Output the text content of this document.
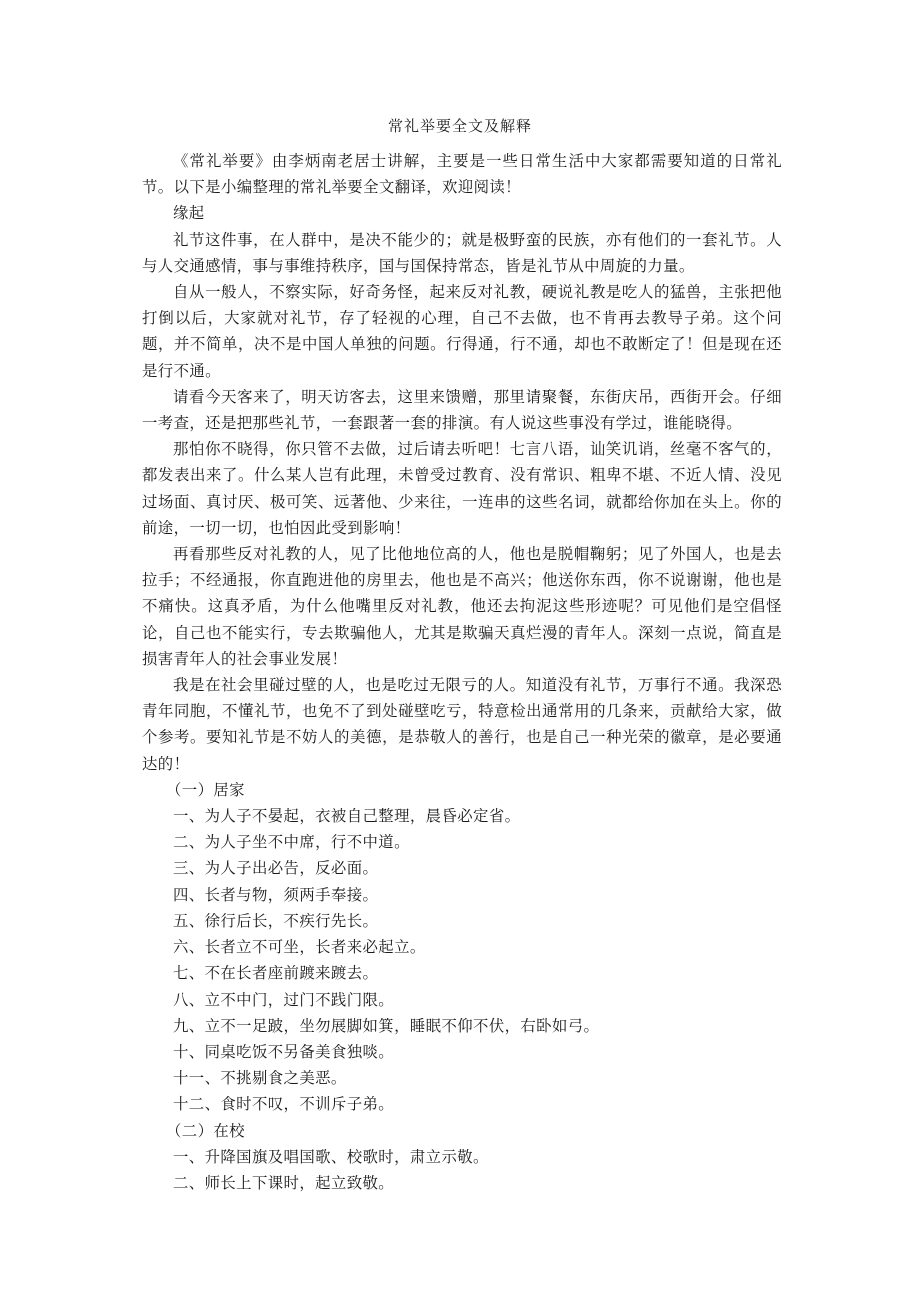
常礼举要全文及解释

《常礼举要》由李炳南老居士讲解，主要是一些日常生活中大家都需要知道的日常礼节。以下是小编整理的常礼举要全文翻译，欢迎阅读！

缘起

礼节这件事，在人群中，是决不能少的；就是极野蛮的民族，亦有他们的一套礼节。人与人交通感情，事与事维持秩序，国与国保持常态，皆是礼节从中周旋的力量。

自从一般人，不察实际，好奇务怪，起来反对礼教，硬说礼教是吃人的猛兽，主张把他打倒以后，大家就对礼节，存了轻视的心理，自己不去做，也不肯再去教导子弟。这个问题，并不简单，决不是中国人单独的问题。行得通，行不通，却也不敢断定了！但是现在还是行不通。

请看今天客来了，明天访客去，这里来馈赠，那里请聚餐，东街庆吊，西街开会。仔细一考查，还是把那些礼节，一套跟著一套的排演。有人说这些事没有学过，谁能晓得。

那怕你不晓得，你只管不去做，过后请去听吧！七言八语，讪笑讥诮，丝毫不客气的，都发表出来了。什么某人岂有此理，未曾受过教育、没有常识、粗卑不堪、不近人情、没见过场面、真讨厌、极可笑、远著他、少来往，一连串的这些名词，就都给你加在头上。你的前途，一切一切，也怕因此受到影响！

再看那些反对礼教的人，见了比他地位高的人，他也是脱帽鞠躬；见了外国人，也是去拉手；不经通报，你直跑进他的房里去，他也是不高兴；他送你东西，你不说谢谢，他也是不痛快。这真矛盾，为什么他嘴里反对礼教，他还去拘泥这些形迹呢？可见他们是空倡怪论，自己也不能实行，专去欺骗他人，尤其是欺骗天真烂漫的青年人。深刻一点说，简直是损害青年人的社会事业发展！

我是在社会里碰过壁的人，也是吃过无限亏的人。知道没有礼节，万事行不通。我深恐青年同胞，不懂礼节，也免不了到处碰壁吃亏，特意检出通常用的几条来，贡献给大家，做个参考。要知礼节是不妨人的美德，是恭敬人的善行，也是自己一种光荣的徽章，是必要通达的！

（一）居家

一、为人子不晏起，衣被自己整理，晨昏必定省。

二、为人子坐不中席，行不中道。

三、为人子出必告，反必面。

四、长者与物，须两手奉接。

五、徐行后长，不疾行先长。

六、长者立不可坐，长者来必起立。

七、不在长者座前踱来踱去。

八、立不中门，过门不践门限。

九、立不一足跛，坐勿展脚如箕，睡眠不仰不伏，右卧如弓。

十、同桌吃饭不另备美食独啖。

十一、不挑剔食之美恶。

十二、食时不叹，不训斥子弟。

（二）在校

一、升降国旗及唱国歌、校歌时，肃立示敬。

二、师长上下课时，起立致敬。
